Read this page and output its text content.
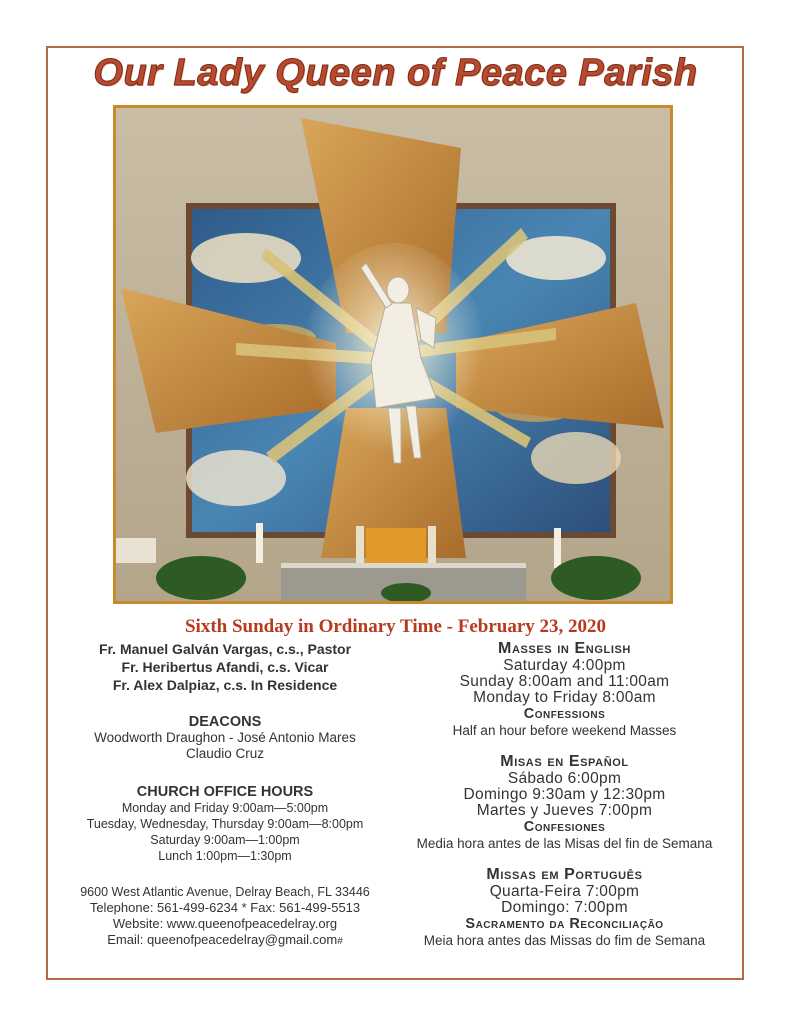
Our Lady Queen of Peace Parish
Sixth Sunday in Ordinary Time - February 23, 2020
Fr. Manuel Galván Vargas, c.s., Pastor
Fr. Heribertus Afandi, c.s. Vicar
Fr. Alex Dalpiaz, c.s. In Residence
DEACONS
Woodworth Draughon - José Antonio Mares
Claudio Cruz
CHURCH OFFICE HOURS
Monday and Friday 9:00am—5:00pm
Tuesday, Wednesday, Thursday 9:00am—8:00pm
Saturday 9:00am—1:00pm
Lunch 1:00pm—1:30pm
9600 West Atlantic Avenue, Delray Beach, FL 33446
Telephone: 561-499-6234 * Fax: 561-499-5513
Website: www.queenofpeacedelray.org
Email: queenofpeacedelray@gmail.com#
Masses in English
Saturday 4:00pm
Sunday 8:00am and 11:00am
Monday to Friday 8:00am
Confessions
Half an hour before weekend Masses
Misas en Español
Sábado 6:00pm
Domingo 9:30am y 12:30pm
Martes y Jueves 7:00pm
Confesiones
Media hora antes de las Misas del fin de Semana
Missas em Português
Quarta-Feira 7:00pm
Domingo: 7:00pm
Sacramento da Reconciliação
Meia hora antes das Missas do fim de Semana
